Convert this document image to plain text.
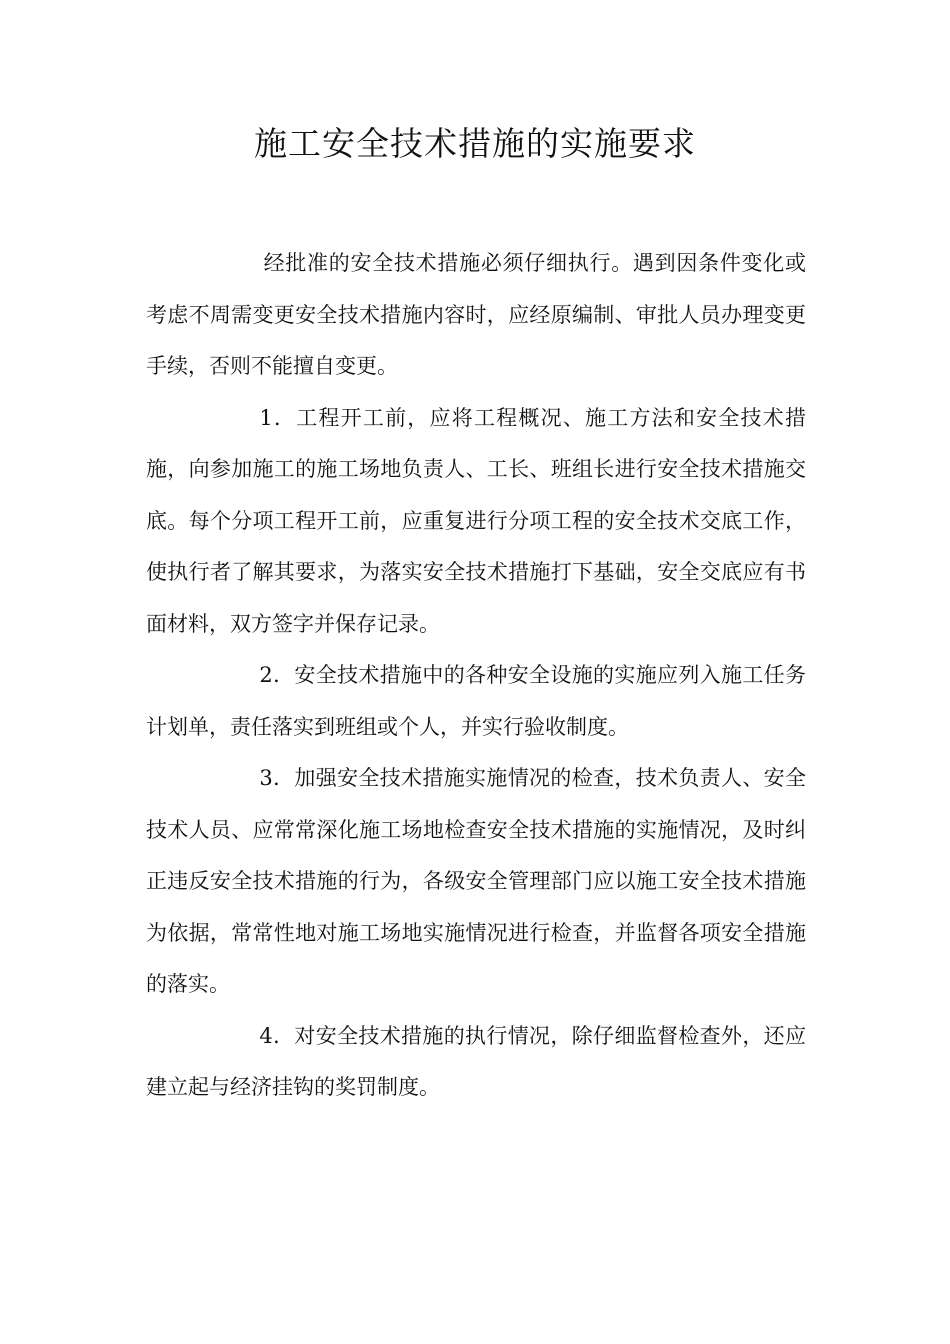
施工安全技术措施的实施要求

经批准的安全技术措施必须仔细执行。遇到因条件变化或考虑不周需变更安全技术措施内容时，应经原编制、审批人员办理变更手续，否则不能擅自变更。

1．工程开工前，应将工程概况、施工方法和安全技术措施，向参加施工的施工场地负责人、工长、班组长进行安全技术措施交底。每个分项工程开工前，应重复进行分项工程的安全技术交底工作，使执行者了解其要求，为落实安全技术措施打下基础，安全交底应有书面材料，双方签字并保存记录。

2．安全技术措施中的各种安全设施的实施应列入施工任务计划单，责任落实到班组或个人，并实行验收制度。

3．加强安全技术措施实施情况的检查，技术负责人、安全技术人员、应常常深化施工场地检查安全技术措施的实施情况，及时纠正违反安全技术措施的行为，各级安全管理部门应以施工安全技术措施为依据，常常性地对施工场地实施情况进行检查，并监督各项安全措施的落实。

4．对安全技术措施的执行情况，除仔细监督检查外，还应建立起与经济挂钩的奖罚制度。
